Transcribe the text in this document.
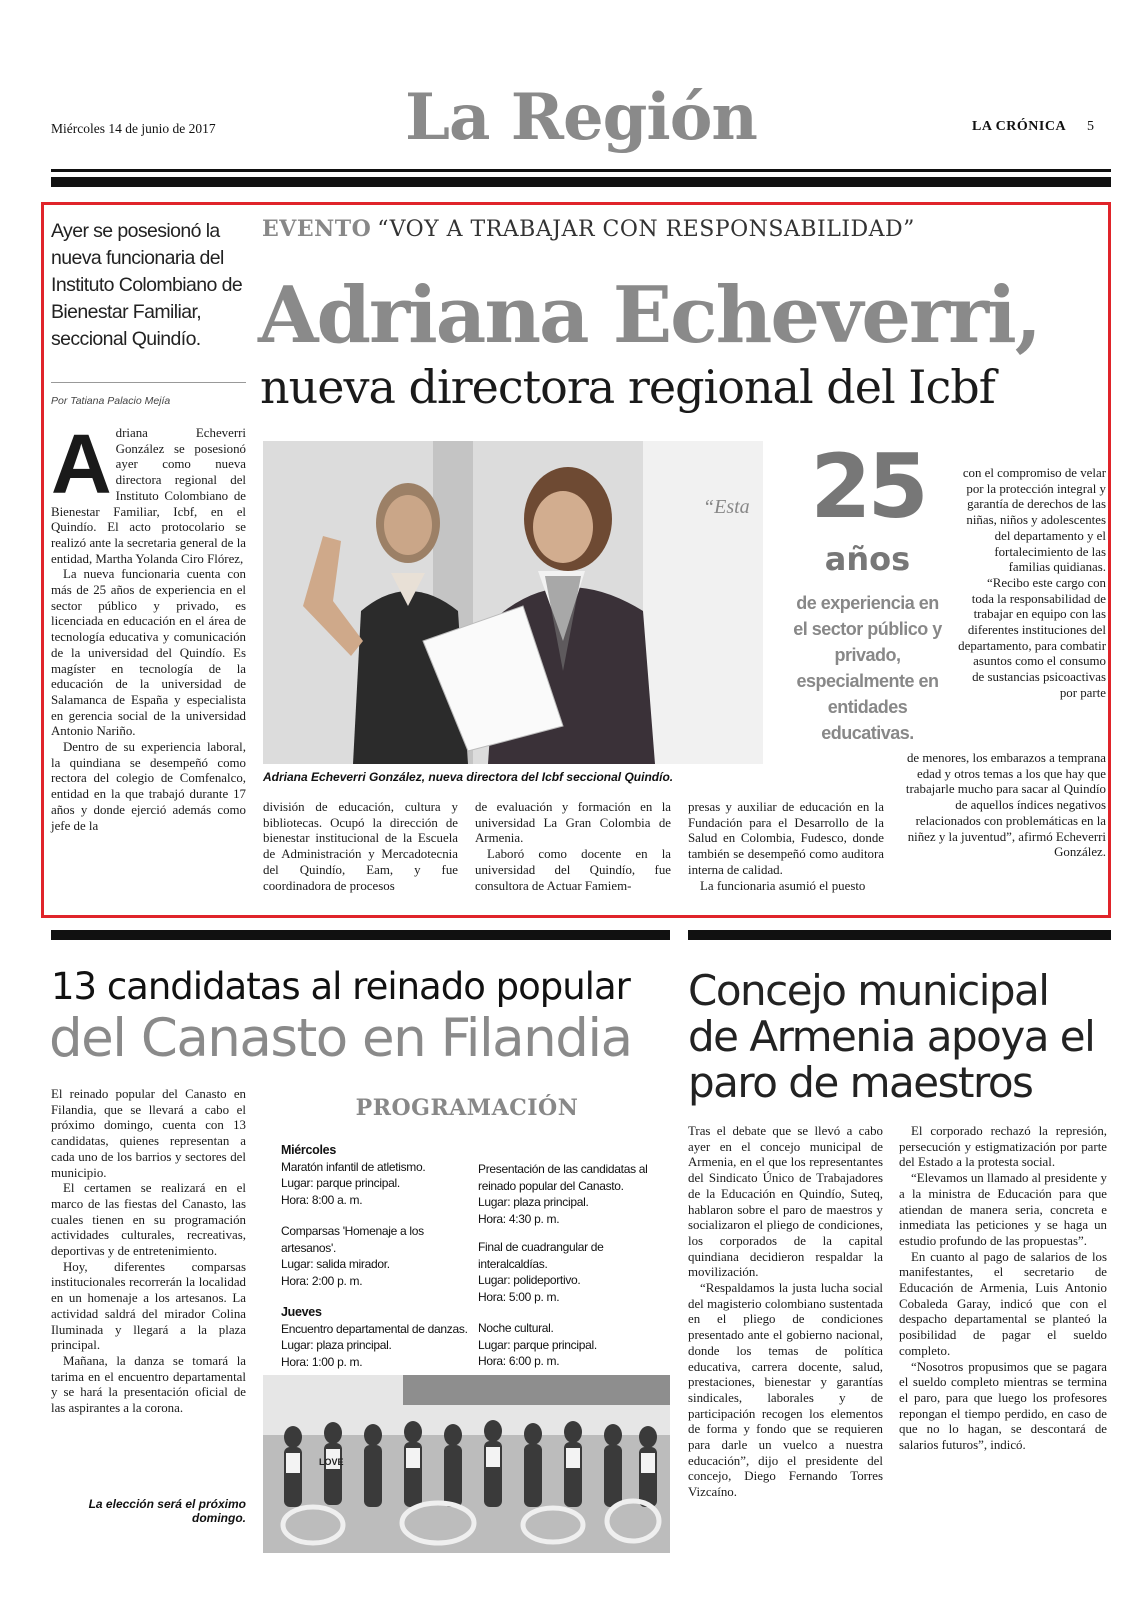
Miércoles 14 de junio de 2017	La Región	LA CRÓNICA 5
Ayer se posesionó la nueva funcionaria del Instituto Colombiano de Bienestar Familiar, seccional Quindío.
Por Tatiana Palacio Mejía
Adriana Echeverri González se posesionó ayer como nueva directora regional del Instituto Colombiano de Bienestar Familiar, Icbf, en el Quindío. El acto protocolario se realizó ante la secretaria general de la entidad, Martha Yolanda Ciro Flórez,

La nueva funcionaria cuenta con más de 25 años de experiencia en el sector público y privado, es licenciada en educación en el área de tecnología educativa y comunicación de la universidad del Quindío. Es magíster en tecnología de la educación de la universidad de Salamanca de España y especialista en gerencia social de la universidad Antonio Nariño.

Dentro de su experiencia laboral, la quindiana se desempeñó como rectora del colegio de Comfenalco, entidad en la que trabajó durante 17 años y donde ejerció además como jefe de la

EVENTO “VOY A TRABAJAR CON RESPONSABILIDAD”
Adriana Echeverri,
nueva directora regional del Icbf
“Esta
Adriana Echeverri González, nueva directora del Icbf seccional Quindío.
25
años
de experiencia en el sector público y privado, especialmente en entidades educativas.
con el compromiso de velar por la protección integral y garantía de derechos de las niñas, niños y adolescentes del departamento y el fortalecimiento de las familias quidianas.
“Recibo este cargo con toda la responsabilidad de trabajar en equipo con las diferentes instituciones del departamento, para combatir asuntos como el consumo de sustancias psicoactivas por parte
de menores, los embarazos a temprana edad y otros temas a los que hay que trabajarle mucho para sacar al Quindío de aquellos índices negativos relacionados con problemáticas en la niñez y la juventud”, afirmó Echeverri González.
división de educación, cultura y bibliotecas. Ocupó la dirección de bienestar institucional de la Escuela de Administración y Mercadotecnia del Quindío, Eam, y fue coordinadora de procesos
de evaluación y formación en la universidad La Gran Colombia de Armenia.

Laboró como docente en la universidad del Quindío, fue consultora de Actuar Famiem-

presas y auxiliar de educación en la Fundación para el Desarrollo de la Salud en Colombia, Fudesco, donde también se desempeñó como auditora interna de calidad.

La funcionaria asumió el puesto

13 candidatas al reinado popular
del Canasto en Filandia
El reinado popular del Canasto en Filandia, que se llevará a cabo el próximo domingo, cuenta con 13 candidatas, quienes representan a cada uno de los barrios y sectores del municipio.

El certamen se realizará en el marco de las fiestas del Canasto, las cuales tienen en su programación actividades culturales, recreativas, deportivas y de entretenimiento.

Hoy, diferentes comparsas institucionales recorrerán la localidad en un homenaje a los artesanos. La actividad saldrá del mirador Colina Iluminada y llegará a la plaza principal.

Mañana, la danza se tomará la tarima en el encuentro departamental y se hará la presentación oficial de las aspirantes a la corona.

La elección será el próximo domingo.
PROGRAMACIÓN
Miércoles
Maratón infantil de atletismo.
Lugar: parque principal.
Hora: 8:00 a. m.
Comparsas 'Homenaje a los artesanos'.
Lugar: salida mirador.
Hora: 2:00 p. m.
Jueves
Encuentro departamental de danzas.
Lugar: plaza principal.
Hora: 1:00 p. m.
Presentación de las candidatas al reinado popular del Canasto.
Lugar: plaza principal.
Hora: 4:30 p. m.
Final de cuadrangular de interalcaldías.
Lugar: polideportivo.
Hora: 5:00 p. m.
Noche cultural.
Lugar: parque principal.
Hora: 6:00 p. m.
LOVE
Concejo municipal de Armenia apoya el paro de maestros
Tras el debate que se llevó a cabo ayer en el concejo municipal de Armenia, en el que los representantes del Sindicato Único de Trabajadores de la Educación en Quindío, Suteq, hablaron sobre el paro de maestros y socializaron el pliego de condiciones, los corporados de la capital quindiana decidieron respaldar la movilización.

“Respaldamos la justa lucha social del magisterio colombiano sustentada en el pliego de condiciones presentado ante el gobierno nacional, donde los temas de política educativa, carrera docente, salud, prestaciones, bienestar y garantías sindicales, laborales y de participación recogen los elementos de forma y fondo que se requieren para darle un vuelco a nuestra educación”, dijo el presidente del concejo, Diego Fernando Torres Vizcaíno.

El corporado rechazó la represión, persecución y estigmatización por parte del Estado a la protesta social.

“Elevamos un llamado al presidente y a la ministra de Educación para que atiendan de manera seria, concreta e inmediata las peticiones y se haga un estudio profundo de las propuestas”.

En cuanto al pago de salarios de los manifestantes, el secretario de Educación de Armenia, Luis Antonio Cobaleda Garay, indicó que con el despacho departamental se planteó la posibilidad de pagar el sueldo completo.

“Nosotros propusimos que se pagara el sueldo completo mientras se termina el paro, para que luego los profesores repongan el tiempo perdido, en caso de que no lo hagan, se descontará de salarios futuros”, indicó.
